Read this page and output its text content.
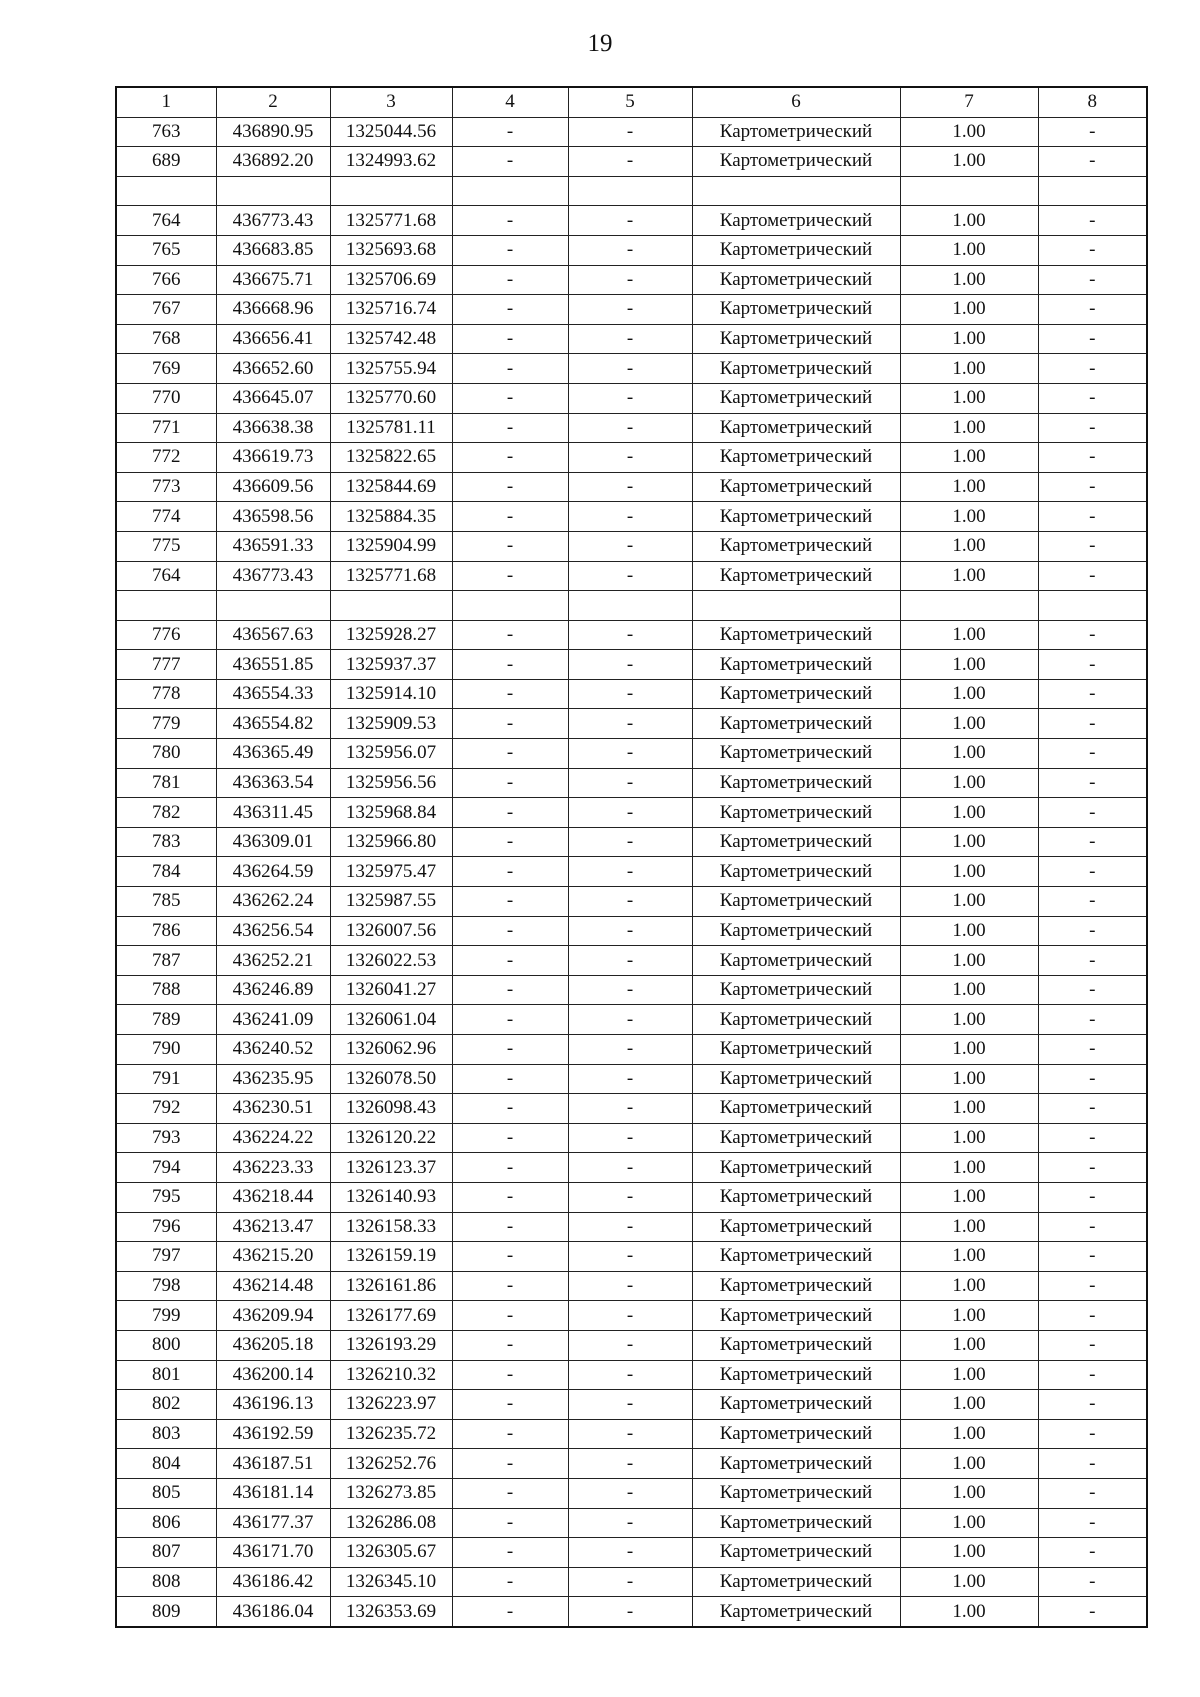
19
1	2	3	4	5	6	7	8
763	436890.95	1325044.56	-	-	Картометрический	1.00	-
689	436892.20	1324993.62	-	-	Картометрический	1.00	-

764	436773.43	1325771.68	-	-	Картометрический	1.00	-
765	436683.85	1325693.68	-	-	Картометрический	1.00	-
766	436675.71	1325706.69	-	-	Картометрический	1.00	-
767	436668.96	1325716.74	-	-	Картометрический	1.00	-
768	436656.41	1325742.48	-	-	Картометрический	1.00	-
769	436652.60	1325755.94	-	-	Картометрический	1.00	-
770	436645.07	1325770.60	-	-	Картометрический	1.00	-
771	436638.38	1325781.11	-	-	Картометрический	1.00	-
772	436619.73	1325822.65	-	-	Картометрический	1.00	-
773	436609.56	1325844.69	-	-	Картометрический	1.00	-
774	436598.56	1325884.35	-	-	Картометрический	1.00	-
775	436591.33	1325904.99	-	-	Картометрический	1.00	-
764	436773.43	1325771.68	-	-	Картометрический	1.00	-

776	436567.63	1325928.27	-	-	Картометрический	1.00	-
777	436551.85	1325937.37	-	-	Картометрический	1.00	-
778	436554.33	1325914.10	-	-	Картометрический	1.00	-
779	436554.82	1325909.53	-	-	Картометрический	1.00	-
780	436365.49	1325956.07	-	-	Картометрический	1.00	-
781	436363.54	1325956.56	-	-	Картометрический	1.00	-
782	436311.45	1325968.84	-	-	Картометрический	1.00	-
783	436309.01	1325966.80	-	-	Картометрический	1.00	-
784	436264.59	1325975.47	-	-	Картометрический	1.00	-
785	436262.24	1325987.55	-	-	Картометрический	1.00	-
786	436256.54	1326007.56	-	-	Картометрический	1.00	-
787	436252.21	1326022.53	-	-	Картометрический	1.00	-
788	436246.89	1326041.27	-	-	Картометрический	1.00	-
789	436241.09	1326061.04	-	-	Картометрический	1.00	-
790	436240.52	1326062.96	-	-	Картометрический	1.00	-
791	436235.95	1326078.50	-	-	Картометрический	1.00	-
792	436230.51	1326098.43	-	-	Картометрический	1.00	-
793	436224.22	1326120.22	-	-	Картометрический	1.00	-
794	436223.33	1326123.37	-	-	Картометрический	1.00	-
795	436218.44	1326140.93	-	-	Картометрический	1.00	-
796	436213.47	1326158.33	-	-	Картометрический	1.00	-
797	436215.20	1326159.19	-	-	Картометрический	1.00	-
798	436214.48	1326161.86	-	-	Картометрический	1.00	-
799	436209.94	1326177.69	-	-	Картометрический	1.00	-
800	436205.18	1326193.29	-	-	Картометрический	1.00	-
801	436200.14	1326210.32	-	-	Картометрический	1.00	-
802	436196.13	1326223.97	-	-	Картометрический	1.00	-
803	436192.59	1326235.72	-	-	Картометрический	1.00	-
804	436187.51	1326252.76	-	-	Картометрический	1.00	-
805	436181.14	1326273.85	-	-	Картометрический	1.00	-
806	436177.37	1326286.08	-	-	Картометрический	1.00	-
807	436171.70	1326305.67	-	-	Картометрический	1.00	-
808	436186.42	1326345.10	-	-	Картометрический	1.00	-
809	436186.04	1326353.69	-	-	Картометрический	1.00	-
